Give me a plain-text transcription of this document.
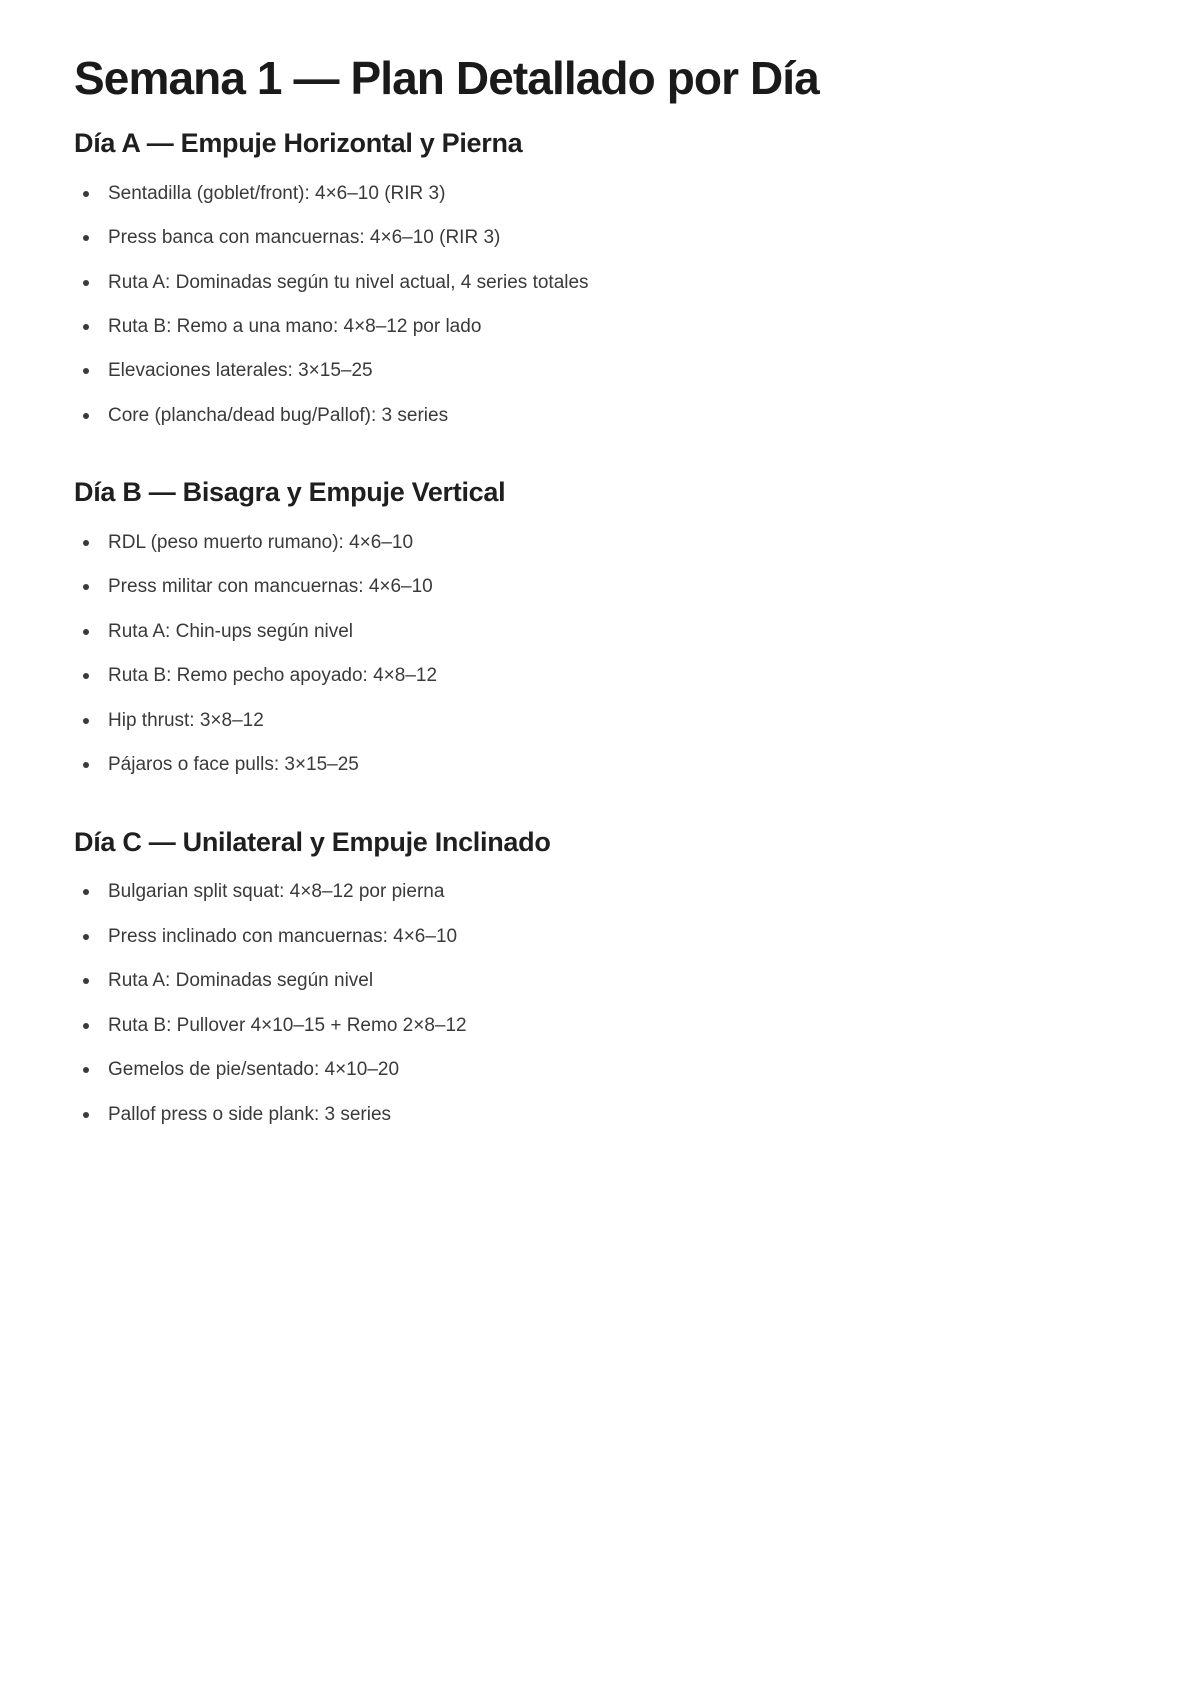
Semana 1 — Plan Detallado por Día
Día A — Empuje Horizontal y Pierna
Sentadilla (goblet/front): 4×6–10 (RIR 3)
Press banca con mancuernas: 4×6–10 (RIR 3)
Ruta A: Dominadas según tu nivel actual, 4 series totales
Ruta B: Remo a una mano: 4×8–12 por lado
Elevaciones laterales: 3×15–25
Core (plancha/dead bug/Pallof): 3 series
Día B — Bisagra y Empuje Vertical
RDL (peso muerto rumano): 4×6–10
Press militar con mancuernas: 4×6–10
Ruta A: Chin-ups según nivel
Ruta B: Remo pecho apoyado: 4×8–12
Hip thrust: 3×8–12
Pájaros o face pulls: 3×15–25
Día C — Unilateral y Empuje Inclinado
Bulgarian split squat: 4×8–12 por pierna
Press inclinado con mancuernas: 4×6–10
Ruta A: Dominadas según nivel
Ruta B: Pullover 4×10–15 + Remo 2×8–12
Gemelos de pie/sentado: 4×10–20
Pallof press o side plank: 3 series
